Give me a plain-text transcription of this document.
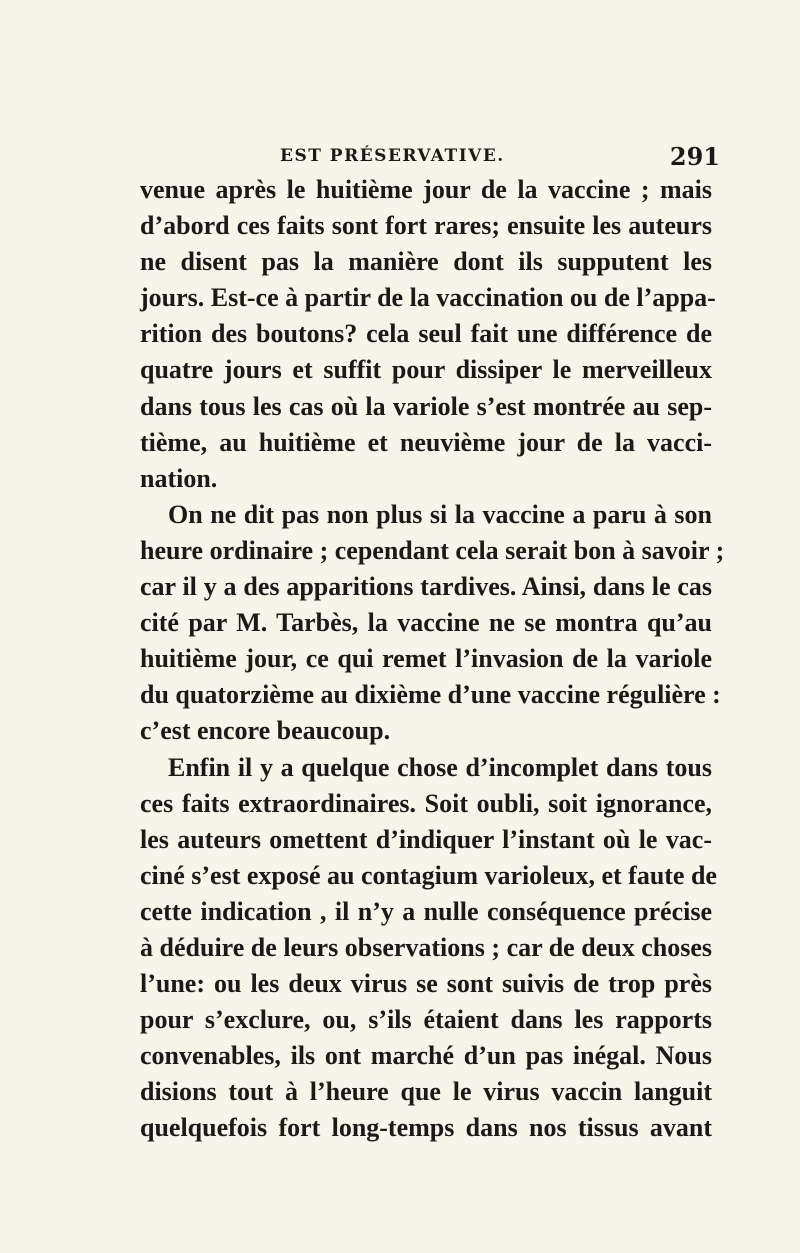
EST PRÉSERVATIVE.	291
venue après le huitième jour de la vaccine ; mais
d’abord ces faits sont fort rares; ensuite les auteurs
ne disent pas la manière dont ils supputent les
jours. Est-ce à partir de la vaccination ou de l’appa-
rition des boutons? cela seul fait une différence de
quatre jours et suffit pour dissiper le merveilleux
dans tous les cas où la variole s’est montrée au sep-
tième, au huitième et neuvième jour de la vacci-
nation.
On ne dit pas non plus si la vaccine a paru à son
heure ordinaire ; cependant cela serait bon à savoir ;
car il y a des apparitions tardives. Ainsi, dans le cas
cité par M. Tarbès, la vaccine ne se montra qu’au
huitième jour, ce qui remet l’invasion de la variole
du quatorzième au dixième d’une vaccine régulière :
c’est encore beaucoup.
Enfin il y a quelque chose d’incomplet dans tous
ces faits extraordinaires. Soit oubli, soit ignorance,
les auteurs omettent d’indiquer l’instant où le vac-
ciné s’est exposé au contagium varioleux, et faute de
cette indication , il n’y a nulle conséquence précise
à déduire de leurs observations ; car de deux choses
l’une: ou les deux virus se sont suivis de trop près
pour s’exclure, ou, s’ils étaient dans les rapports
convenables, ils ont marché d’un pas inégal. Nous
disions tout à l’heure que le virus vaccin languit
quelquefois fort long-temps dans nos tissus avant
